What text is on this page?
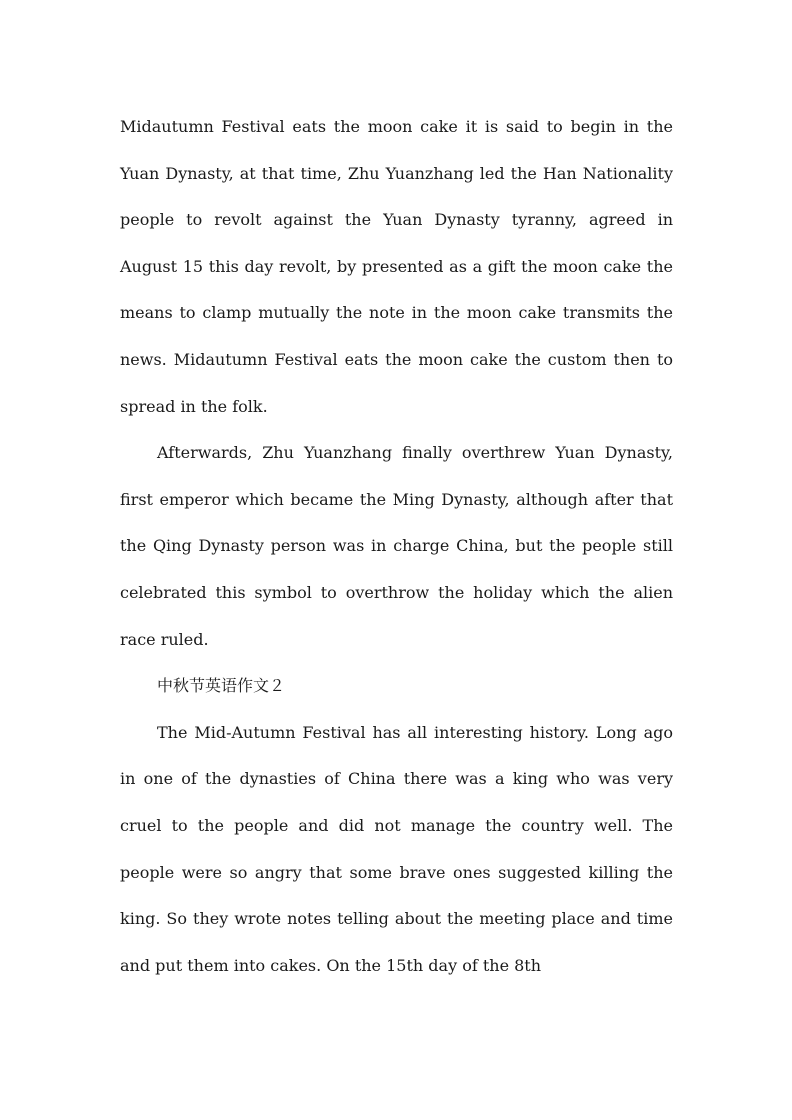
Midautumn Festival eats the moon cake it is said to begin in the Yuan Dynasty, at that time, Zhu Yuanzhang led the Han Nationality people to revolt against the Yuan Dynasty tyranny, agreed in August 15 this day revolt, by presented as a gift the moon cake the means to clamp mutually the note in the moon cake transmits the news. Midautumn Festival eats the moon cake the custom then to spread in the folk.

Afterwards, Zhu Yuanzhang finally overthrew Yuan Dynasty, first emperor which became the Ming Dynasty, although after that the Qing Dynasty person was in charge China, but the people still celebrated this symbol to overthrow the holiday which the alien race ruled.

中秋节英语作文２

The Mid-Autumn Festival has all interesting history. Long ago in one of the dynasties of China there was a king who was very cruel to the people and did not manage the country well. The people were so angry that some brave ones suggested killing the king. So they wrote notes telling about the meeting place and time and put them into cakes. On the 15th day of the 8th
